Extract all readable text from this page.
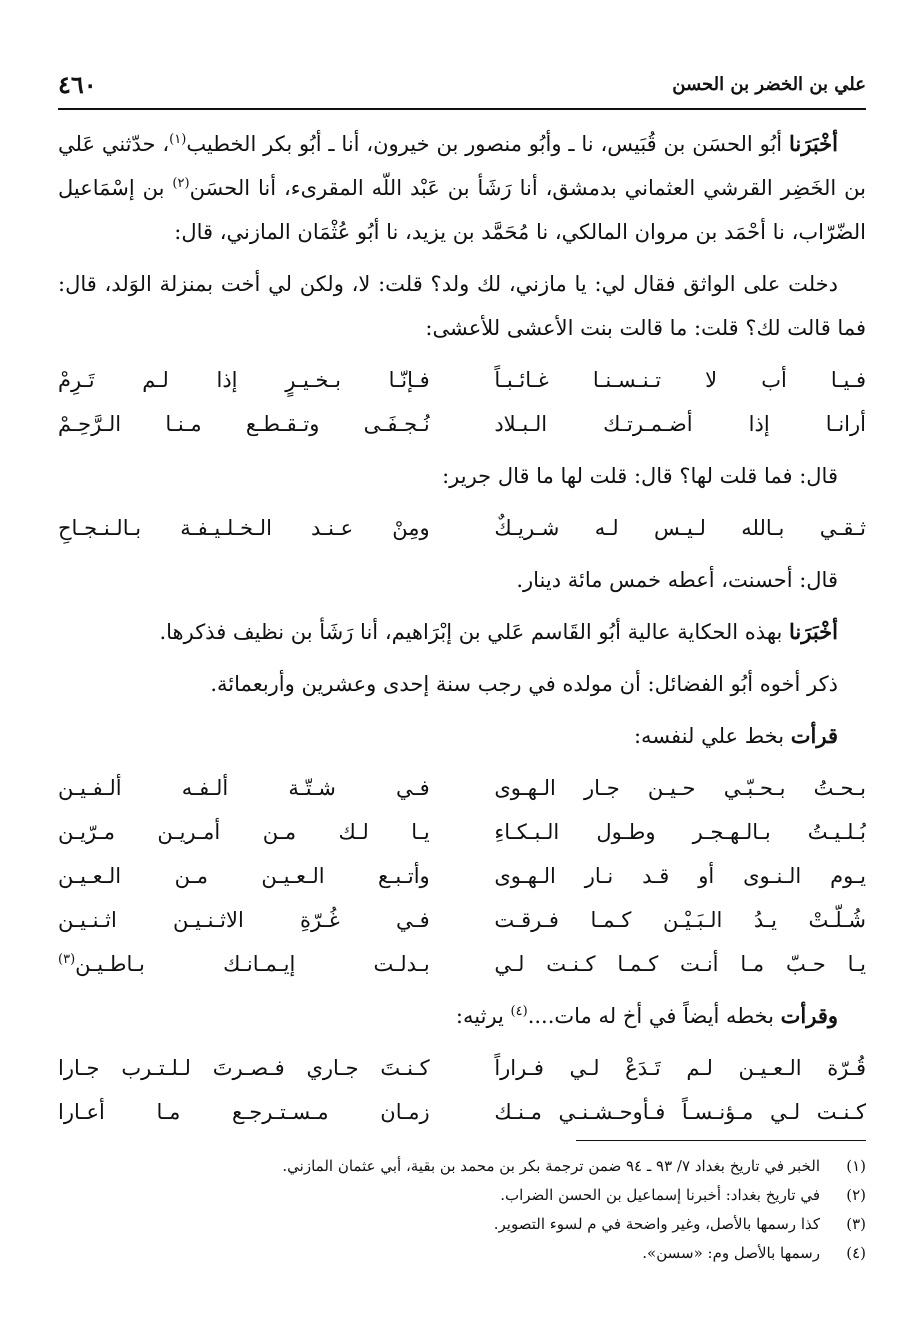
علي بن الخضر بن الحسن
٤٦٠

أخْبَرَنا أبُو الحسَن بن قُبَيس، نا ـ وأبُو منصور بن خيرون، أنا ـ أبُو بكر الخطيب$^{(١)}$، حدّثني عَلي بن الخَضِر القرشي العثماني بدمشق، أنا رَشَأ بن عَبْد اللّه المقرىء، أنا الحسَن$^{(٢)}$ بن إسْمَاعيل الضّرّاب، نا أحْمَد بن مروان المالكي، نا مُحَمَّد بن يزيد، نا أبُو عُثْمَان المازني، قال:

دخلت على الواثق فقال لي: يا مازني، لك ولد؟ قلت: لا، ولكن لي أخت بمنزلة الوَلد، قال: فما قالت لك؟ قلت: ما قالت بنت الأعشى للأعشى:

فـيـا أب لا تـنـسـنـا غـائـبـاً
فـإنّـا بـخـيـرٍ إذا لـم تَـرِمْ
أرانـا إذا أضـمـرتـك الـبـلاد
نُـجـفَـى وتـقـطـع مـنـا الـرَّحِـمْ

قال: فما قلت لها؟ قال: قلت لها ما قال جرير:

ثـقـي بـالله لـيـس لـه شـريـكٌ
ومِنْ عـنـد الـخـلـيـفـة بـالـنـجـاحِ

قال: أحسنت، أعطه خمس مائة دينار.

أخْبَرَنا بهذه الحكاية عالية أبُو القَاسم عَلي بن إبْرَاهيم، أنا رَشَأ بن نظيف فذكرها.

ذكر أخوه أبُو الفضائل: أن مولده في رجب سنة إحدى وعشرين وأربعمائة.

قرأت بخط علي لنفسه:

بـحـتُ بـحـبّـي حـيـن جـار الـهـوى
فـي شـتّـة ألـفـه ألـفـيـن
بُـلـيـتُ بـالـهـجـر وطـول الـبـكـاءِ
يـا لـك مـن أمـريـن مـرّيـن
يـوم الـنـوى أو قـد نـار الـهـوى
وأتـبـع الـعـيـن مـن الـعـيـن
شُـلّـتْ يـدُ الـبَـيْـن كـمـا فـرقـت
فـي غُـرّةِ الاثـنـيـن اثـنـيـن
يـا حـبّ مـا أنـت كـمـا كـنـت لـي
بـدلـت إيـمـانـك بـاطـيـن$^{(٣)}$

وقرأت بخطه أيضاً في أخ له مات....$^{(٤)}$ يرثيه:

قُـرّة الـعـيـن لـم تَـدَعْ لـي فـراراً
كـنـتَ جـاري فـصـرتَ لـلـتـرب جـارا
كـنـت لـي مـؤنـسـاً فـأوحـشـنـي مـنـك
زمـان مـسـتـرجـع مـا أعـارا
(١)
الخبر في تاريخ بغداد ٧/ ٩٣ ـ ٩٤ ضمن ترجمة بكر بن محمد بن بقية، أبي عثمان المازني.
(٢)
في تاريخ بغداد: أخبرنا إسماعيل بن الحسن الضراب.
(٣)
كذا رسمها بالأصل، وغير واضحة في م لسوء التصوير.
(٤)
رسمها بالأصل وم: «سسن».
